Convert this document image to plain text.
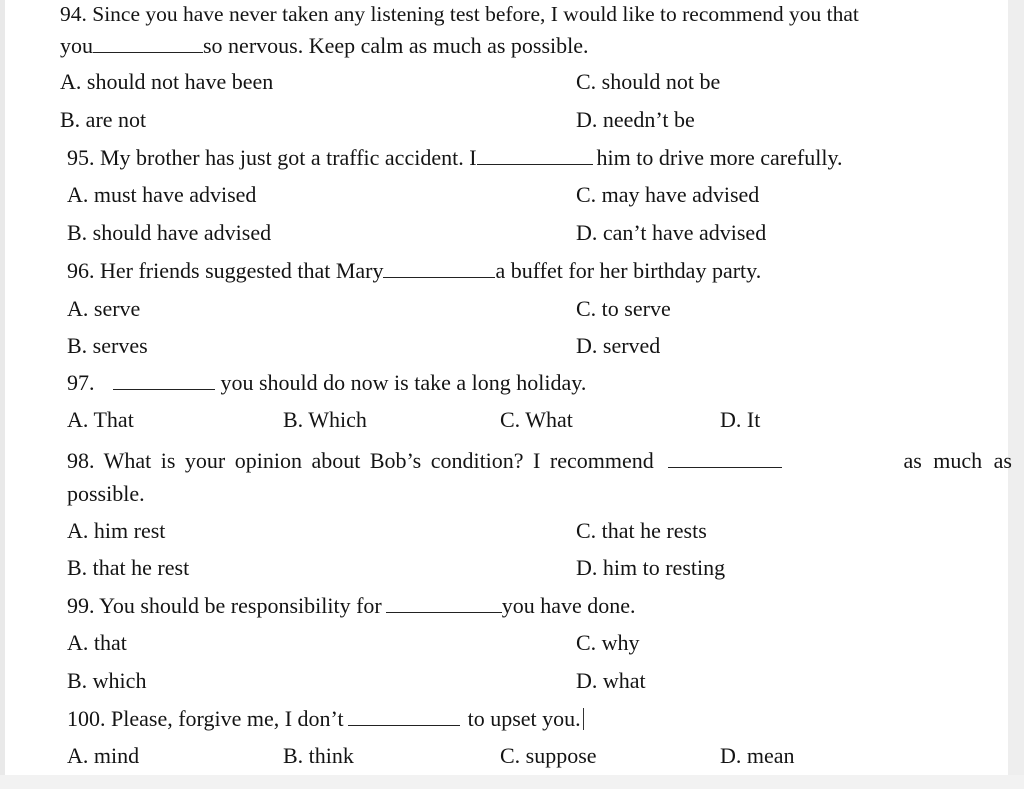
94. Since you have never taken any listening test before, I would like to recommend you that
you	so nervous. Keep calm as much as possible.
A. should not have been	C. should not be
B. are not	D. needn’t be
95. My brother has just got a traffic accident. I	him to drive more carefully.
A. must have advised	C. may have advised
B. should have advised	D. can’t have advised
96. Her friends suggested that Mary	a buffet for her birthday party.
A. serve	C. to serve
B. serves	D. served
97.	you should do now is take a long holiday.
A. That	B. Which	C. What	D. It
98. What is your opinion about Bob’s condition? I recommend	as much as
possible.
A. him rest	C. that he rests
B. that he rest	D. him to resting
99. You should be responsibility for	you have done.
A. that	C. why
B. which	D. what
100. Please, forgive me, I don’t	to upset you.
A. mind	B. think	C. suppose	D. mean
